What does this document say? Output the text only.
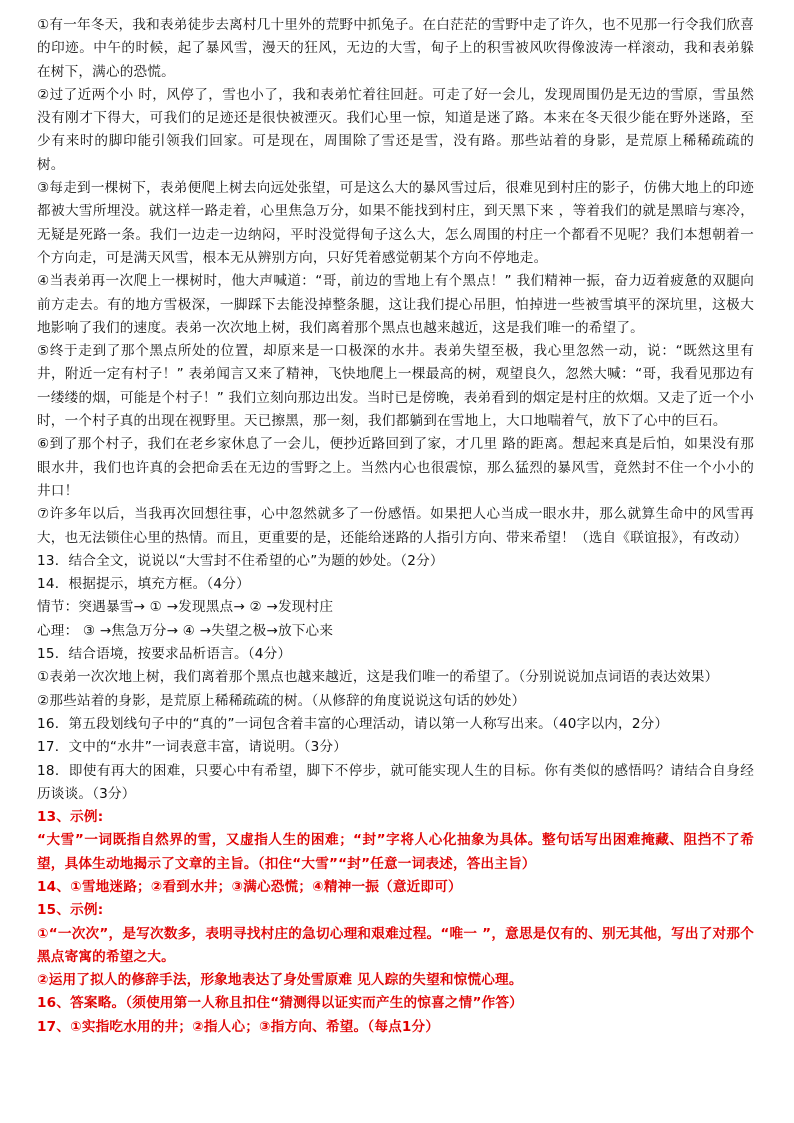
①有一年冬天，我和表弟徒步去离村几十里外的荒野中抓兔子。在白茫茫的雪野中走了许久，也不见那一行令我们欣喜的印迹。中午的时候，起了暴风雪，漫天的狂风，无边的大雪，甸子上的积雪被风吹得像波涛一样滚动，我和表弟躲在树下，满心的恐慌。

②过了近两个小 时，风停了，雪也小了，我和表弟忙着往回赶。可走了好一会儿，发现周围仍是无边的雪原，雪虽然没有刚才下得大，可我们的足迹还是很快被湮灭。我们心里一惊，知道是迷了路。本来在冬天很少能在野外迷路，至少有来时的脚印能引领我们回家。可是现在，周围除了雪还是雪，没有路。那些站着的身影，是荒原上稀稀疏疏的树。

③每走到一棵树下，表弟便爬上树去向远处张望，可是这么大的暴风雪过后，很难见到村庄的影子，仿佛大地上的印迹都被大雪所埋没。就这样一路走着，心里焦急万分，如果不能找到村庄，到天黑下来 ，等着我们的就是黑暗与寒冷，无疑是死路一条。我们一边走一边纳闷，平时没觉得甸子这么大，怎么周围的村庄一个都看不见呢？我们本想朝着一个方向走，可是满天风雪，根本无从辨别方向，只好凭着感觉朝某个方向不停地走。

④当表弟再一次爬上一棵树时，他大声喊道：“哥，前边的雪地上有个黑点！” 我们精神一振，奋力迈着疲惫的双腿向前方走去。有的地方雪极深，一脚踩下去能没掉整条腿，这让我们提心吊胆，怕掉进一些被雪填平的深坑里，这极大地影响了我们的速度。表弟一次次地上树，我们离着那个黑点也越来越近，这是我们唯一的希望了。

⑤终于走到了那个黑点所处的位置，却原来是一口极深的水井。表弟失望至极，我心里忽然一动，说：“既然这里有井，附近一定有村子！” 表弟闻言又来了精神，飞快地爬上一棵最高的树，观望良久，忽然大喊：“哥，我看见那边有一缕缕的烟，可能是个村子！” 我们立刻向那边出发。当时已是傍晚，表弟看到的烟定是村庄的炊烟。又走了近一个小时，一个村子真的出现在视野里。天已擦黑，那一刻，我们都躺到在雪地上，大口地喘着气，放下了心中的巨石。

⑥到了那个村子，我们在老乡家休息了一会儿，便抄近路回到了家，才几里 路的距离。想起来真是后怕，如果没有那眼水井，我们也许真的会把命丢在无边的雪野之上。当然内心也很震惊，那么猛烈的暴风雪，竟然封不住一个小小的井口！

⑦许多年以后，当我再次回想往事，心中忽然就多了一份感悟。如果把人心当成一眼水井，那么就算生命中的风雪再大，也无法锁住心里的热情。而且，更重要的是，还能给迷路的人指引方向、带来希望！（选自《联谊报》，有改动）

13．结合全文，说说以“大雪封不住希望的心”为题的妙处。（2分）

14．根据提示，填充方框。（4分）

情节：突遇暴雪→ ① →发现黑点→ ② →发现村庄

心理： ③ →焦急万分→ ④ →失望之极→放下心来

15．结合语境，按要求品析语言。（4分）

①表弟一次次地上树，我们离着那个黑点也越来越近，这是我们唯一的希望了。（分别说说加点词语的表达效果）

②那些站着的身影，是荒原上稀稀疏疏的树。（从修辞的角度说说这句话的妙处）

16．第五段划线句子中的“真的”一词包含着丰富的心理活动，请以第一人称写出来。（40字以内，2分）

17．文中的“水井”一词表意丰富，请说明。（3分）

18．即使有再大的困难，只要心中有希望，脚下不停步，就可能实现人生的目标。你有类似的感悟吗？请结合自身经历谈谈。（3分）

13、示例:

“大雪”一词既指自然界的雪，又虚指人生的困难；“封”字将人心化抽象为具体。整句话写出困难掩藏、阻挡不了希望，具体生动地揭示了文章的主旨。（扣住“大雪”“封”任意一词表述，答出主旨）

14、①雪地迷路；②看到水井；③满心恐慌；④精神一振（意近即可）

15、示例:

①“一次次”，是写次数多，表明寻找村庄的急切心理和艰难过程。“唯一 ”，意思是仅有的、别无其他，写出了对那个黑点寄寓的希望之大。

②运用了拟人的修辞手法，形象地表达了身处雪原难 见人踪的失望和惊慌心理。

16、答案略。（须使用第一人称且扣住“猜测得以证实而产生的惊喜之情”作答）

17、①实指吃水用的井；②指人心；③指方向、希望。（每点1分）
